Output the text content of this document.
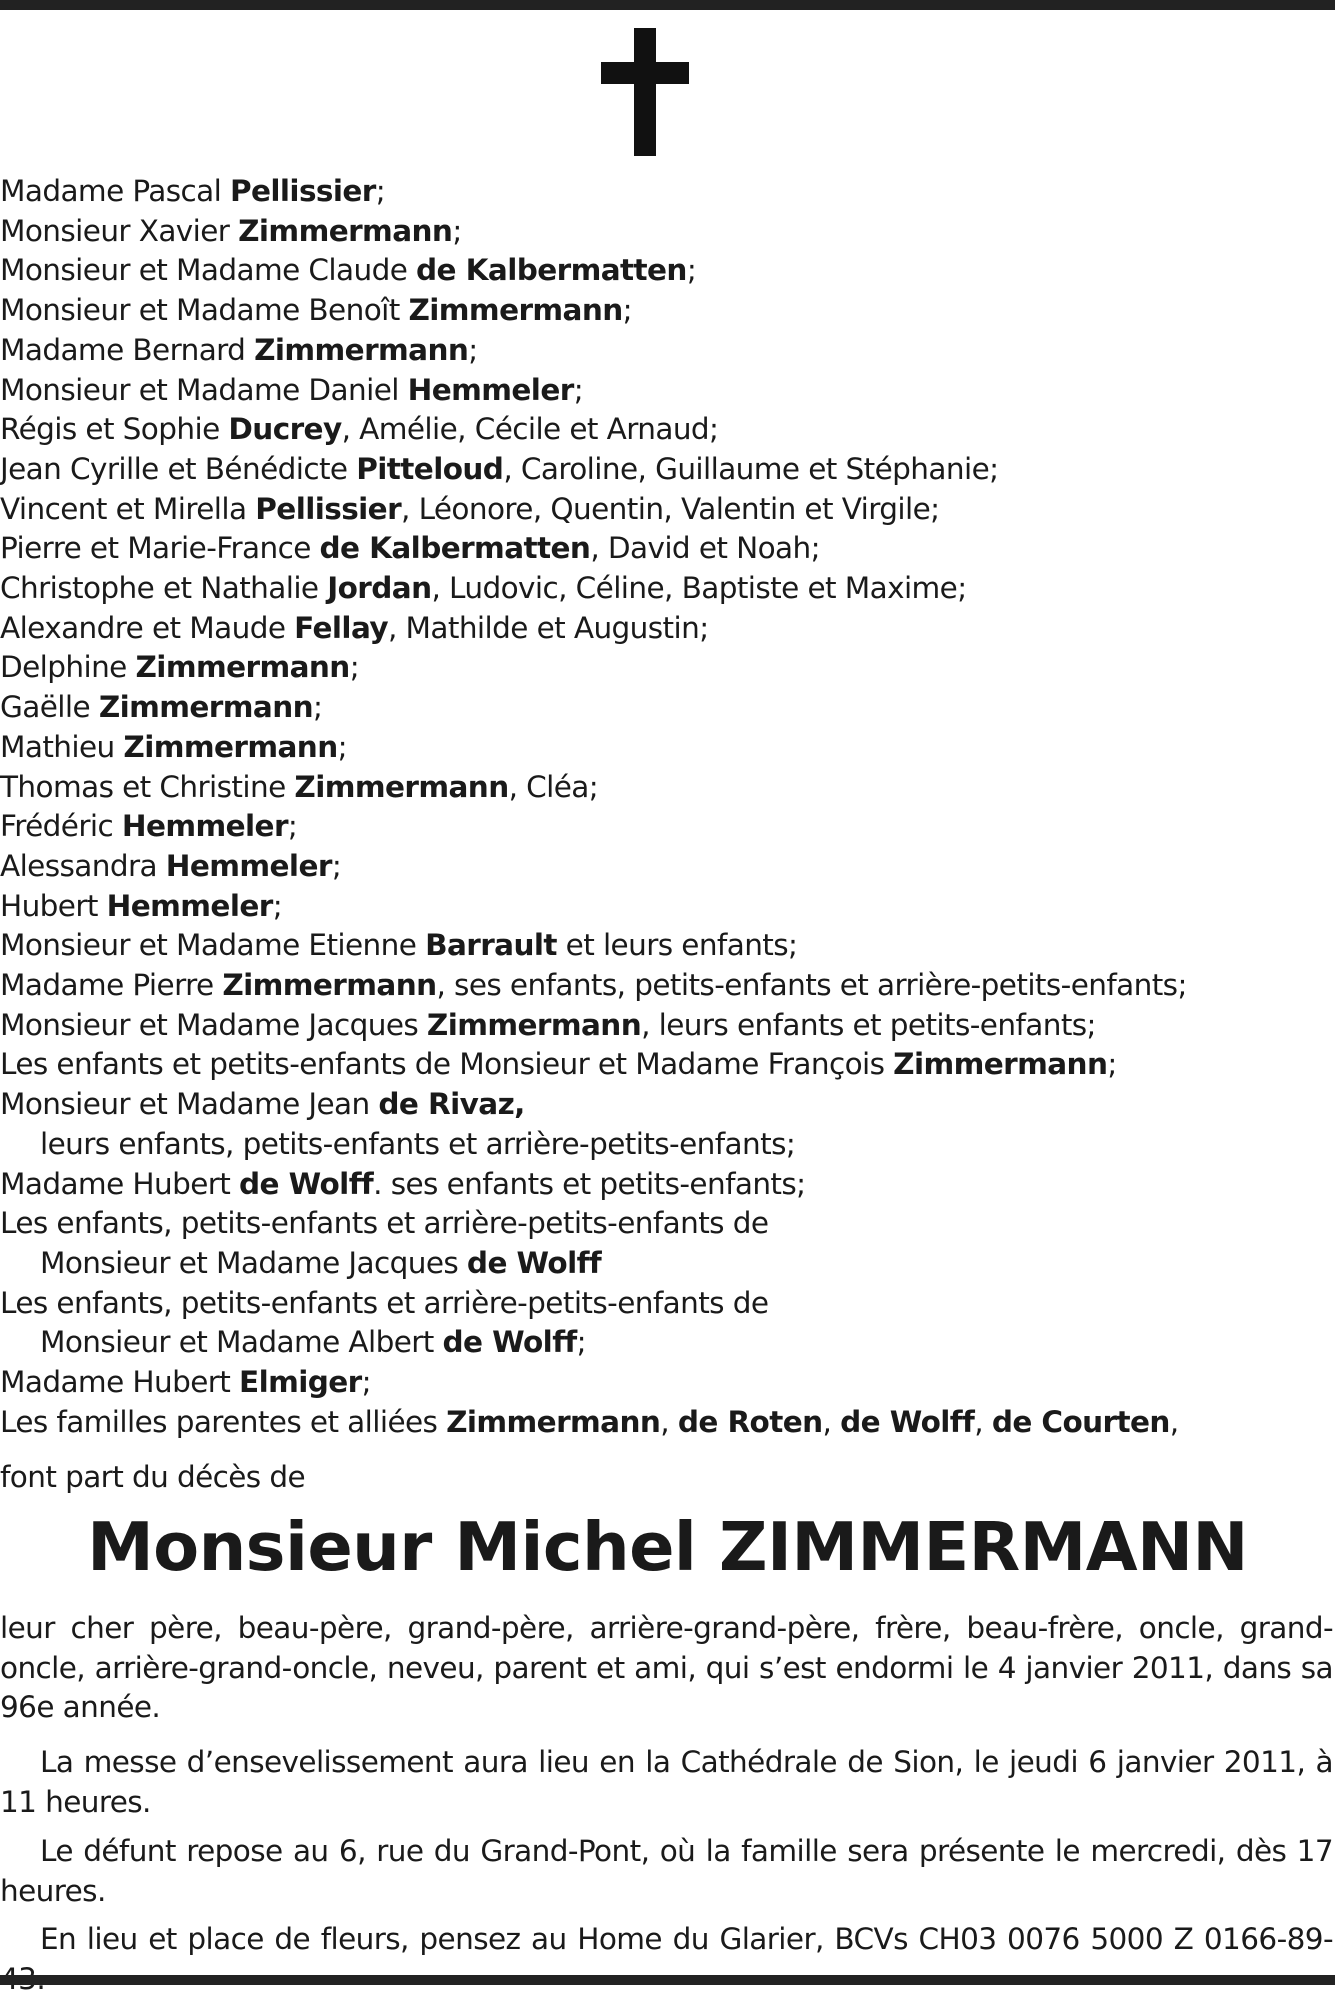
Madame Pascal Pellissier;
Monsieur Xavier Zimmermann;
Monsieur et Madame Claude de Kalbermatten;
Monsieur et Madame Benoît Zimmermann;
Madame Bernard Zimmermann;
Monsieur et Madame Daniel Hemmeler;
Régis et Sophie Ducrey, Amélie, Cécile et Arnaud;
Jean Cyrille et Bénédicte Pitteloud, Caroline, Guillaume et Stéphanie;
Vincent et Mirella Pellissier, Léonore, Quentin, Valentin et Virgile;
Pierre et Marie-France de Kalbermatten, David et Noah;
Christophe et Nathalie Jordan, Ludovic, Céline, Baptiste et Maxime;
Alexandre et Maude Fellay, Mathilde et Augustin;
Delphine Zimmermann;
Gaëlle Zimmermann;
Mathieu Zimmermann;
Thomas et Christine Zimmermann, Cléa;
Frédéric Hemmeler;
Alessandra Hemmeler;
Hubert Hemmeler;
Monsieur et Madame Etienne Barrault et leurs enfants;
Madame Pierre Zimmermann, ses enfants, petits-enfants et arrière-petits-enfants;
Monsieur et Madame Jacques Zimmermann, leurs enfants et petits-enfants;
Les enfants et petits-enfants de Monsieur et Madame François Zimmermann;
Monsieur et Madame Jean de Rivaz,
leurs enfants, petits-enfants et arrière-petits-enfants;
Madame Hubert de Wolff. ses enfants et petits-enfants;
Les enfants, petits-enfants et arrière-petits-enfants de
Monsieur et Madame Jacques de Wolff
Les enfants, petits-enfants et arrière-petits-enfants de
Monsieur et Madame Albert de Wolff;
Madame Hubert Elmiger;
Les familles parentes et alliées Zimmermann, de Roten, de Wolff, de Courten,
font part du décès de
Monsieur Michel ZIMMERMANN

leur cher père, beau-père, grand-père, arrière-grand-père, frère, beau-frère, oncle, grand-oncle, arrière-grand-oncle, neveu, parent et ami, qui s’est endormi le 4 janvier 2011, dans sa 96e année.

La messe d’ensevelissement aura lieu en la Cathédrale de Sion, le jeudi 6 janvier 2011, à 11 heures.

Le défunt repose au 6, rue du Grand-Pont, où la famille sera présente le mercredi, dès 17 heures.

En lieu et place de fleurs, pensez au Home du Glarier, BCVs CH03 0076 5000 Z 0166-89-
